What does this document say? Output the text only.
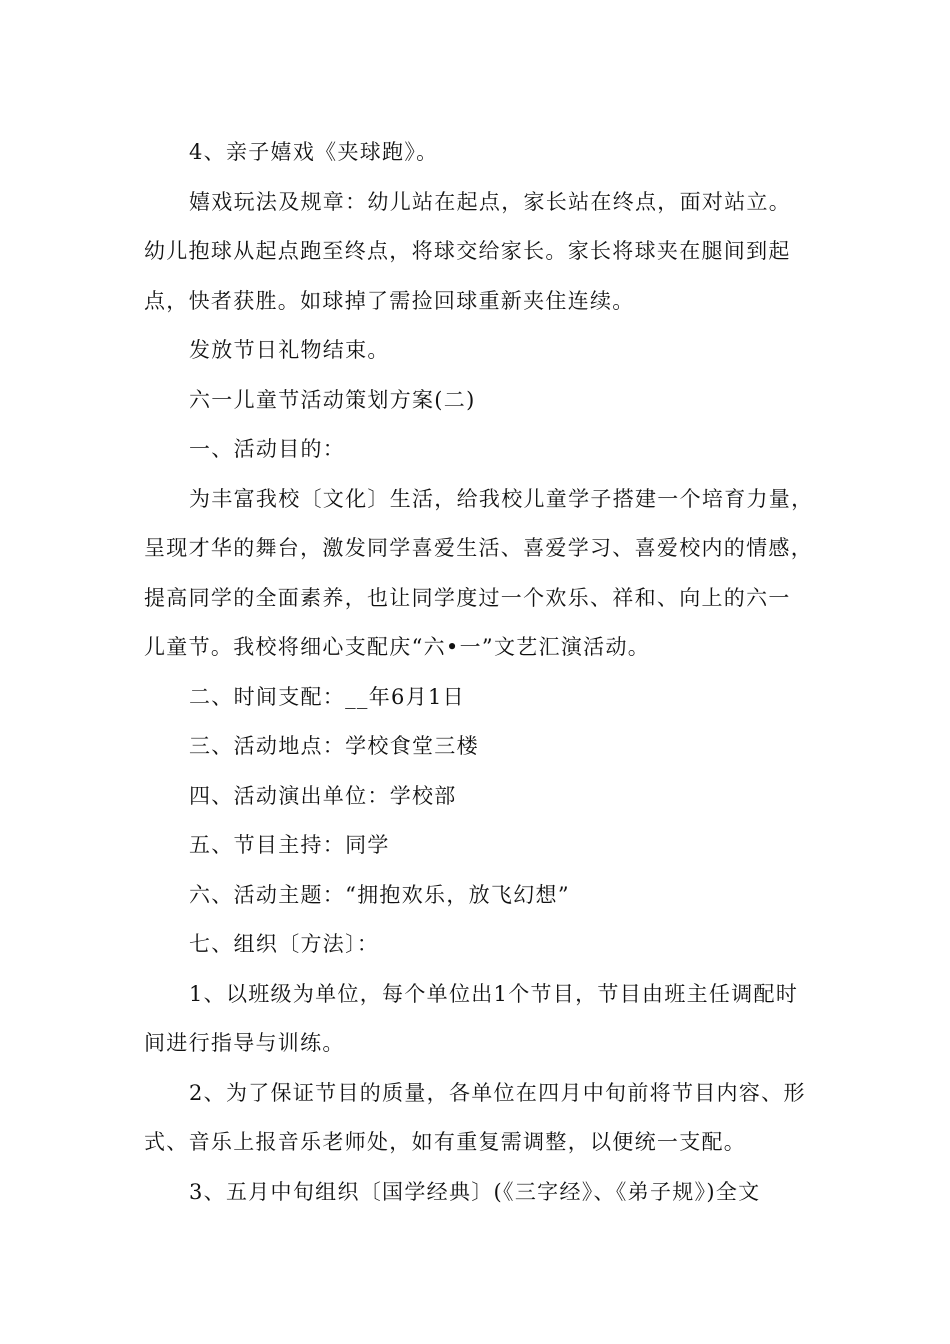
4、亲子嬉戏《夹球跑》。

嬉戏玩法及规章：幼儿站在起点，家长站在终点，面对站立。
幼儿抱球从起点跑至终点，将球交给家长。家长将球夹在腿间到起
点，快者获胜。如球掉了需捡回球重新夹住连续。

发放节日礼物结束。

六一儿童节活动策划方案(二)

一、活动目的：

为丰富我校〔文化〕生活，给我校儿童学子搭建一个培育力量，
呈现才华的舞台，激发同学喜爱生活、喜爱学习、喜爱校内的情感，
提高同学的全面素养，也让同学度过一个欢乐、祥和、向上的六一
儿童节。我校将细心支配庆“六•一”文艺汇演活动。

二、时间支配：__年6月1日

三、活动地点：学校食堂三楼

四、活动演出单位：学校部

五、节目主持：同学

六、活动主题：“拥抱欢乐，放飞幻想”

七、组织〔方法〕：

1、以班级为单位，每个单位出1个节目，节目由班主任调配时
间进行指导与训练。

2、为了保证节目的质量，各单位在四月中旬前将节目内容、形
式、音乐上报音乐老师处，如有重复需调整，以便统一支配。

3、五月中旬组织〔国学经典〕(《三字经》、《弟子规》)全文
